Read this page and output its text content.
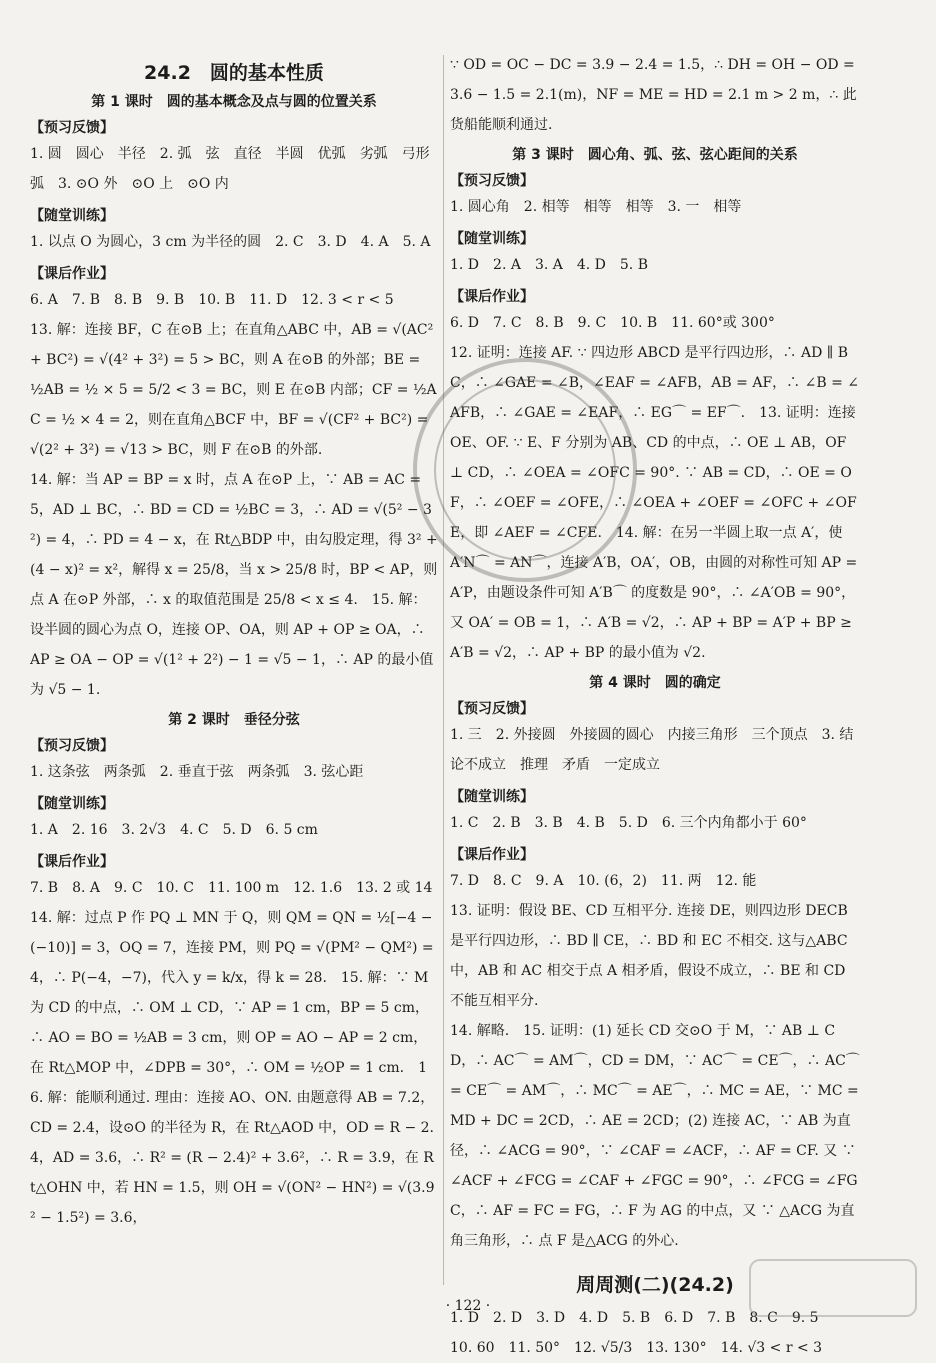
24.2　圆的基本性质
第 1 课时　圆的基本概念及点与圆的位置关系
【预习反馈】
1. 圆　圆心　半径　2. 弧　弦　直径　半圆　优弧　劣弧　弓形弧　3. ⊙O 外　⊙O 上　⊙O 内
【随堂训练】
1. 以点 O 为圆心，3 cm 为半径的圆　2. C　3. D　4. A　5. A
【课后作业】
6. A　7. B　8. B　9. B　10. B　11. D　12. 3 < r < 5
13. 解：连接 BF，C 在⊙B 上；在直角△ABC 中，AB = √(AC² + BC²) = √(4² + 3²) = 5 > BC，则 A 在⊙B 的外部；BE = ½AB = ½ × 5 = 5/2 < 3 = BC，则 E 在⊙B 内部；CF = ½AC = ½ × 4 = 2，则在直角△BCF 中，BF = √(CF² + BC²) = √(2² + 3²) = √13 > BC，则 F 在⊙B 的外部.
14. 解：当 AP = BP = x 时，点 A 在⊙P 上，∵ AB = AC = 5，AD ⊥ BC，∴ BD = CD = ½BC = 3，∴ AD = √(5² − 3²) = 4，∴ PD = 4 − x，在 Rt△BDP 中，由勾股定理，得 3² + (4 − x)² = x²，解得 x = 25/8，当 x > 25/8 时，BP < AP，则点 A 在⊙P 外部，∴ x 的取值范围是 25/8 < x ≤ 4.　15. 解：设半圆的圆心为点 O，连接 OP、OA，则 AP + OP ≥ OA，∴ AP ≥ OA − OP = √(1² + 2²) − 1 = √5 − 1，∴ AP 的最小值为 √5 − 1.
第 2 课时　垂径分弦
【预习反馈】
1. 这条弦　两条弧　2. 垂直于弦　两条弧　3. 弦心距
【随堂训练】
1. A　2. 16　3. 2√3　4. C　5. D　6. 5 cm
【课后作业】
7. B　8. A　9. C　10. C　11. 100 m　12. 1.6　13. 2 或 14
14. 解：过点 P 作 PQ ⊥ MN 于 Q，则 QM = QN = ½[−4 − (−10)] = 3，OQ = 7，连接 PM，则 PQ = √(PM² − QM²) = 4，∴ P(−4，−7)，代入 y = k/x，得 k = 28.　15. 解：∵ M 为 CD 的中点，∴ OM ⊥ CD，∵ AP = 1 cm，BP = 5 cm，∴ AO = BO = ½AB = 3 cm，则 OP = AO − AP = 2 cm，在 Rt△MOP 中，∠DPB = 30°，∴ OM = ½OP = 1 cm.　16. 解：能顺利通过. 理由：连接 AO、ON. 由题意得 AB = 7.2，CD = 2.4，设⊙O 的半径为 R，在 Rt△AOD 中，OD = R − 2.4，AD = 3.6，∴ R² = (R − 2.4)² + 3.6²，∴ R = 3.9，在 Rt△OHN 中，若 HN = 1.5，则 OH = √(ON² − HN²) = √(3.9² − 1.5²) = 3.6，
∵ OD = OC − DC = 3.9 − 2.4 = 1.5，∴ DH = OH − OD = 3.6 − 1.5 = 2.1(m)，NF = ME = HD = 2.1 m > 2 m，∴ 此货船能顺利通过.
第 3 课时　圆心角、弧、弦、弦心距间的关系
【预习反馈】
1. 圆心角　2. 相等　相等　相等　3. 一　相等
【随堂训练】
1. D　2. A　3. A　4. D　5. B
【课后作业】
6. D　7. C　8. B　9. C　10. B　11. 60°或 300°
12. 证明：连接 AF. ∵ 四边形 ABCD 是平行四边形，∴ AD ∥ BC，∴ ∠GAE = ∠B，∠EAF = ∠AFB，AB = AF，∴ ∠B = ∠AFB，∴ ∠GAE = ∠EAF，∴ EG⌒ = EF⌒.　13. 证明：连接 OE、OF. ∵ E、F 分别为 AB、CD 的中点，∴ OE ⊥ AB，OF ⊥ CD，∴ ∠OEA = ∠OFC = 90°. ∵ AB = CD，∴ OE = OF，∴ ∠OEF = ∠OFE，∴ ∠OEA + ∠OEF = ∠OFC + ∠OFE，即 ∠AEF = ∠CFE.　14. 解：在另一半圆上取一点 A′，使 A′N⌒ = AN⌒，连接 A′B，OA′，OB，由圆的对称性可知 AP = A′P，由题设条件可知 A′B⌒ 的度数是 90°，∴ ∠A′OB = 90°，又 OA′ = OB = 1，∴ A′B = √2，∴ AP + BP = A′P + BP ≥ A′B = √2，∴ AP + BP 的最小值为 √2.
第 4 课时　圆的确定
【预习反馈】
1. 三　2. 外接圆　外接圆的圆心　内接三角形　三个顶点　3. 结论不成立　推理　矛盾　一定成立
【随堂训练】
1. C　2. B　3. B　4. B　5. D　6. 三个内角都小于 60°
【课后作业】
7. D　8. C　9. A　10. (6，2)　11. 两　12. 能
13. 证明：假设 BE、CD 互相平分. 连接 DE，则四边形 DECB 是平行四边形，∴ BD ∥ CE，∴ BD 和 EC 不相交. 这与△ABC 中，AB 和 AC 相交于点 A 相矛盾，假设不成立，∴ BE 和 CD 不能互相平分.
14. 解略.　15. 证明：(1) 延长 CD 交⊙O 于 M，∵ AB ⊥ CD，∴ AC⌒ = AM⌒，CD = DM，∵ AC⌒ = CE⌒，∴ AC⌒ = CE⌒ = AM⌒，∴ MC⌒ = AE⌒，∴ MC = AE，∵ MC = MD + DC = 2CD，∴ AE = 2CD；(2) 连接 AC，∵ AB 为直径，∴ ∠ACG = 90°，∵ ∠CAF = ∠ACF，∴ AF = CF. 又 ∵ ∠ACF + ∠FCG = ∠CAF + ∠FGC = 90°，∴ ∠FCG = ∠FGC，∴ AF = FC = FG，∴ F 为 AG 的中点，又 ∵ △ACG 为直角三角形，∴ 点 F 是△ACG 的外心.
周周测(二)(24.2)
1. D　2. D　3. D　4. D　5. B　6. D　7. B　8. C　9. 5
10. 60　11. 50°　12. √5/3　13. 130°　14. √3 < r < 3
· 122 ·
